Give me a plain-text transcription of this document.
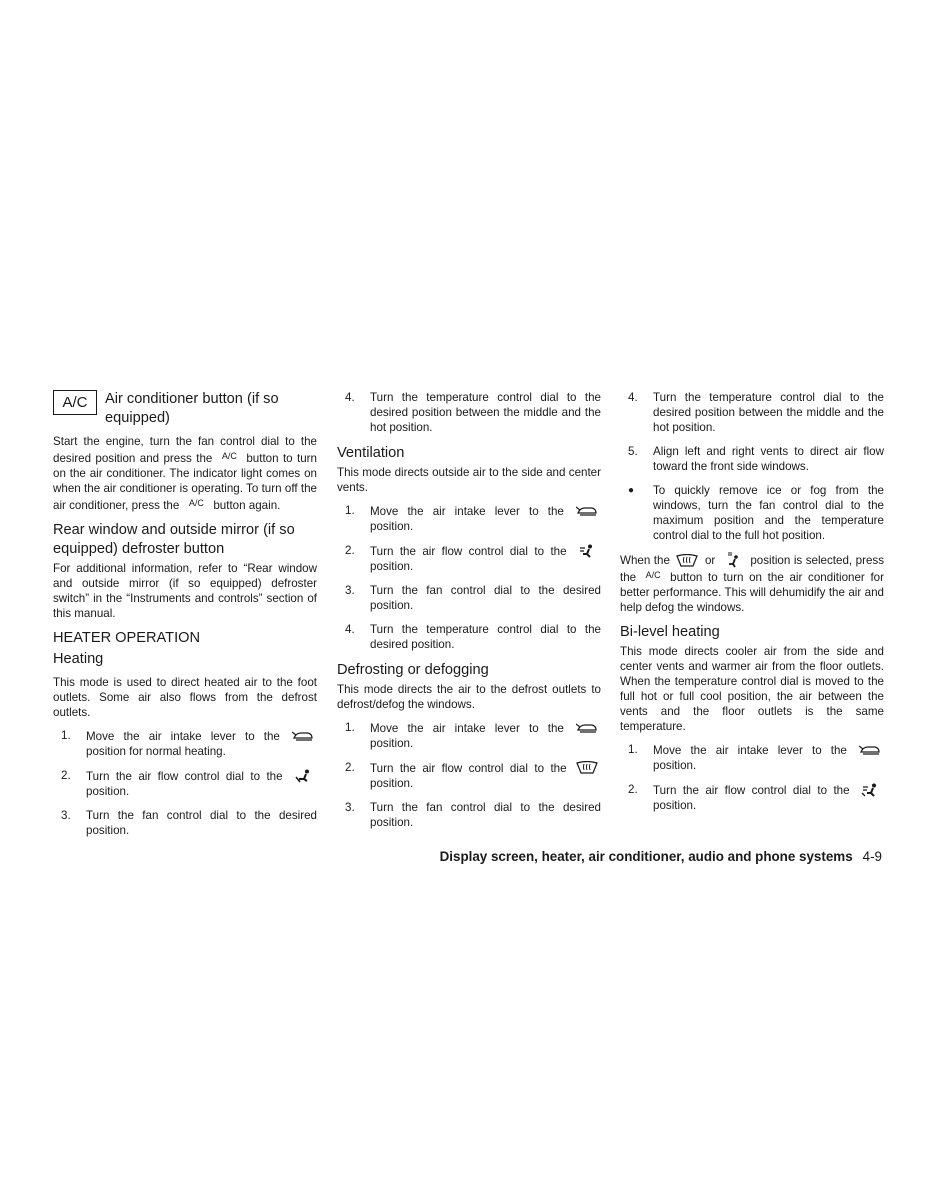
A/C	Air conditioner button (if so equipped)

Start the engine, turn the fan control dial to the desired position and press the A/C button to turn on the air conditioner. The indicator light comes on when the air conditioner is operating. To turn off the air conditioner, press the A/C button again.

Rear window and outside mirror (if so equipped) defroster button

For additional information, refer to “Rear window and outside mirror (if so equipped) defroster switch” in the “Instruments and controls” section of this manual.

HEATER OPERATION
Heating

This mode is used to direct heated air to the foot outlets. Some air also flows from the defrost outlets.

1.	Move the air intake lever to the  position for normal heating.
2.	Turn the air flow control dial to the  position.
3.	Turn the fan control dial to the desired position.
4.	Turn the temperature control dial to the desired position between the middle and the hot position.
Ventilation

This mode directs outside air to the side and center vents.

1.	Move the air intake lever to the  position.
2.	Turn the air flow control dial to the  position.
3.	Turn the fan control dial to the desired position.
4.	Turn the temperature control dial to the desired position.
Defrosting or defogging

This mode directs the air to the defrost outlets to defrost/defog the windows.

1.	Move the air intake lever to the  position.
2.	Turn the air flow control dial to the  position.
3.	Turn the fan control dial to the desired position.
4.	Turn the temperature control dial to the desired position between the middle and the hot position.
5.	Align left and right vents to direct air flow toward the front side windows.
●	To quickly remove ice or fog from the windows, turn the fan control dial to the maximum position and the temperature control dial to the full hot position.

When the	or	position is selected, press the A/C button to turn on the air conditioner for better performance. This will dehumidify the air and help defog the windows.

Bi-level heating

This mode directs cooler air from the side and center vents and warmer air from the floor outlets. When the temperature control dial is moved to the full hot or full cool position, the air between the vents and the floor outlets is the same temperature.

1.	Move the air intake lever to the  position.
2.	Turn the air flow control dial to the  position.
Display screen, heater, air conditioner, audio and phone systems 4-9
